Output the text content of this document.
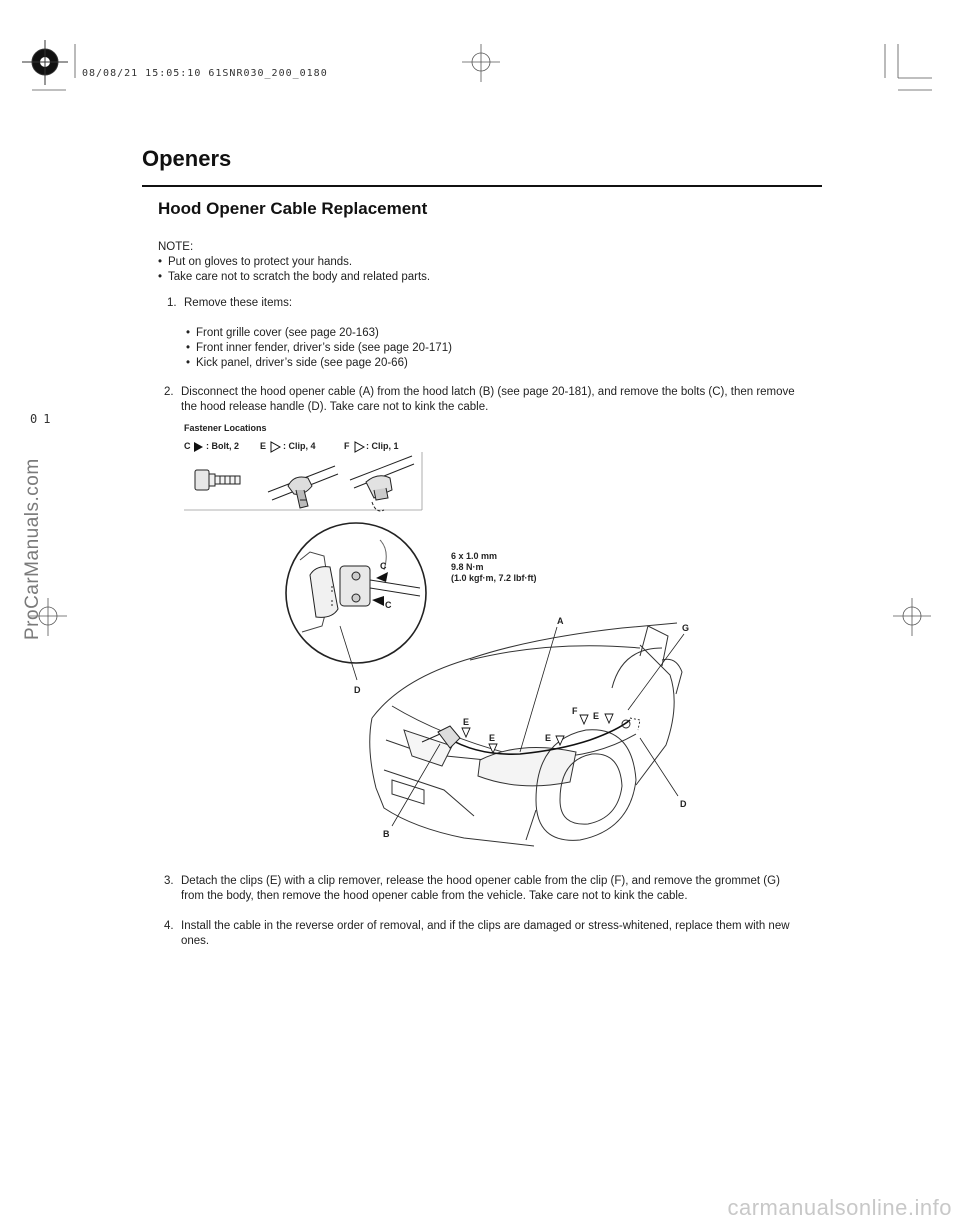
08/08/21 15:05:10 61SNR030_200_0180
01
ProCarManuals.com
carmanualsonline.info
Openers
Hood Opener Cable Replacement
NOTE:
• Put on gloves to protect your hands.
• Take care not to scratch the body and related parts.
1. Remove these items:
• Front grille cover (see page 20-163)
• Front inner fender, driver’s side (see page 20-171)
• Kick panel, driver’s side (see page 20-66)
2. Disconnect the hood opener cable (A) from the hood latch (B) (see page 20-181), and remove the bolts (C), then remove the hood release handle (D). Take care not to kink the cable.
Fastener Locations
C : Bolt, 2 E : Clip, 4	F : Clip, 1
6 x 1.0 mm
9.8 N·m
(1.0 kgf·m, 7.2 lbf·ft)
C
C
A
G
D
F E
E
E	E
D
B
3. Detach the clips (E) with a clip remover, release the hood opener cable from the clip (F), and remove the grommet (G) from the body, then remove the hood opener cable from the vehicle. Take care not to kink the cable.
4. Install the cable in the reverse order of removal, and if the clips are damaged or stress-whitened, replace them with new ones.
